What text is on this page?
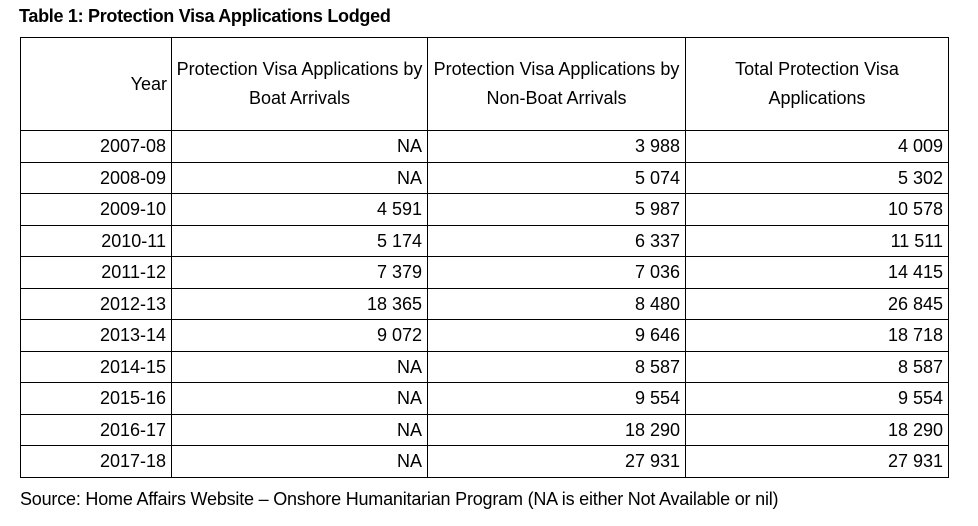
Table 1: Protection Visa Applications Lodged
Year	Protection Visa Applications by Boat Arrivals	Protection Visa Applications by Non-Boat Arrivals	Total Protection Visa Applications
2007-08	NA	3 988	4 009
2008-09	NA	5 074	5 302
2009-10	4 591	5 987	10 578
2010-11	5 174	6 337	11 511
2011-12	7 379	7 036	14 415
2012-13	18 365	8 480	26 845
2013-14	9 072	9 646	18 718
2014-15	NA	8 587	8 587
2015-16	NA	9 554	9 554
2016-17	NA	18 290	18 290
2017-18	NA	27 931	27 931
Source: Home Affairs Website – Onshore Humanitarian Program (NA is either Not Available or nil)
